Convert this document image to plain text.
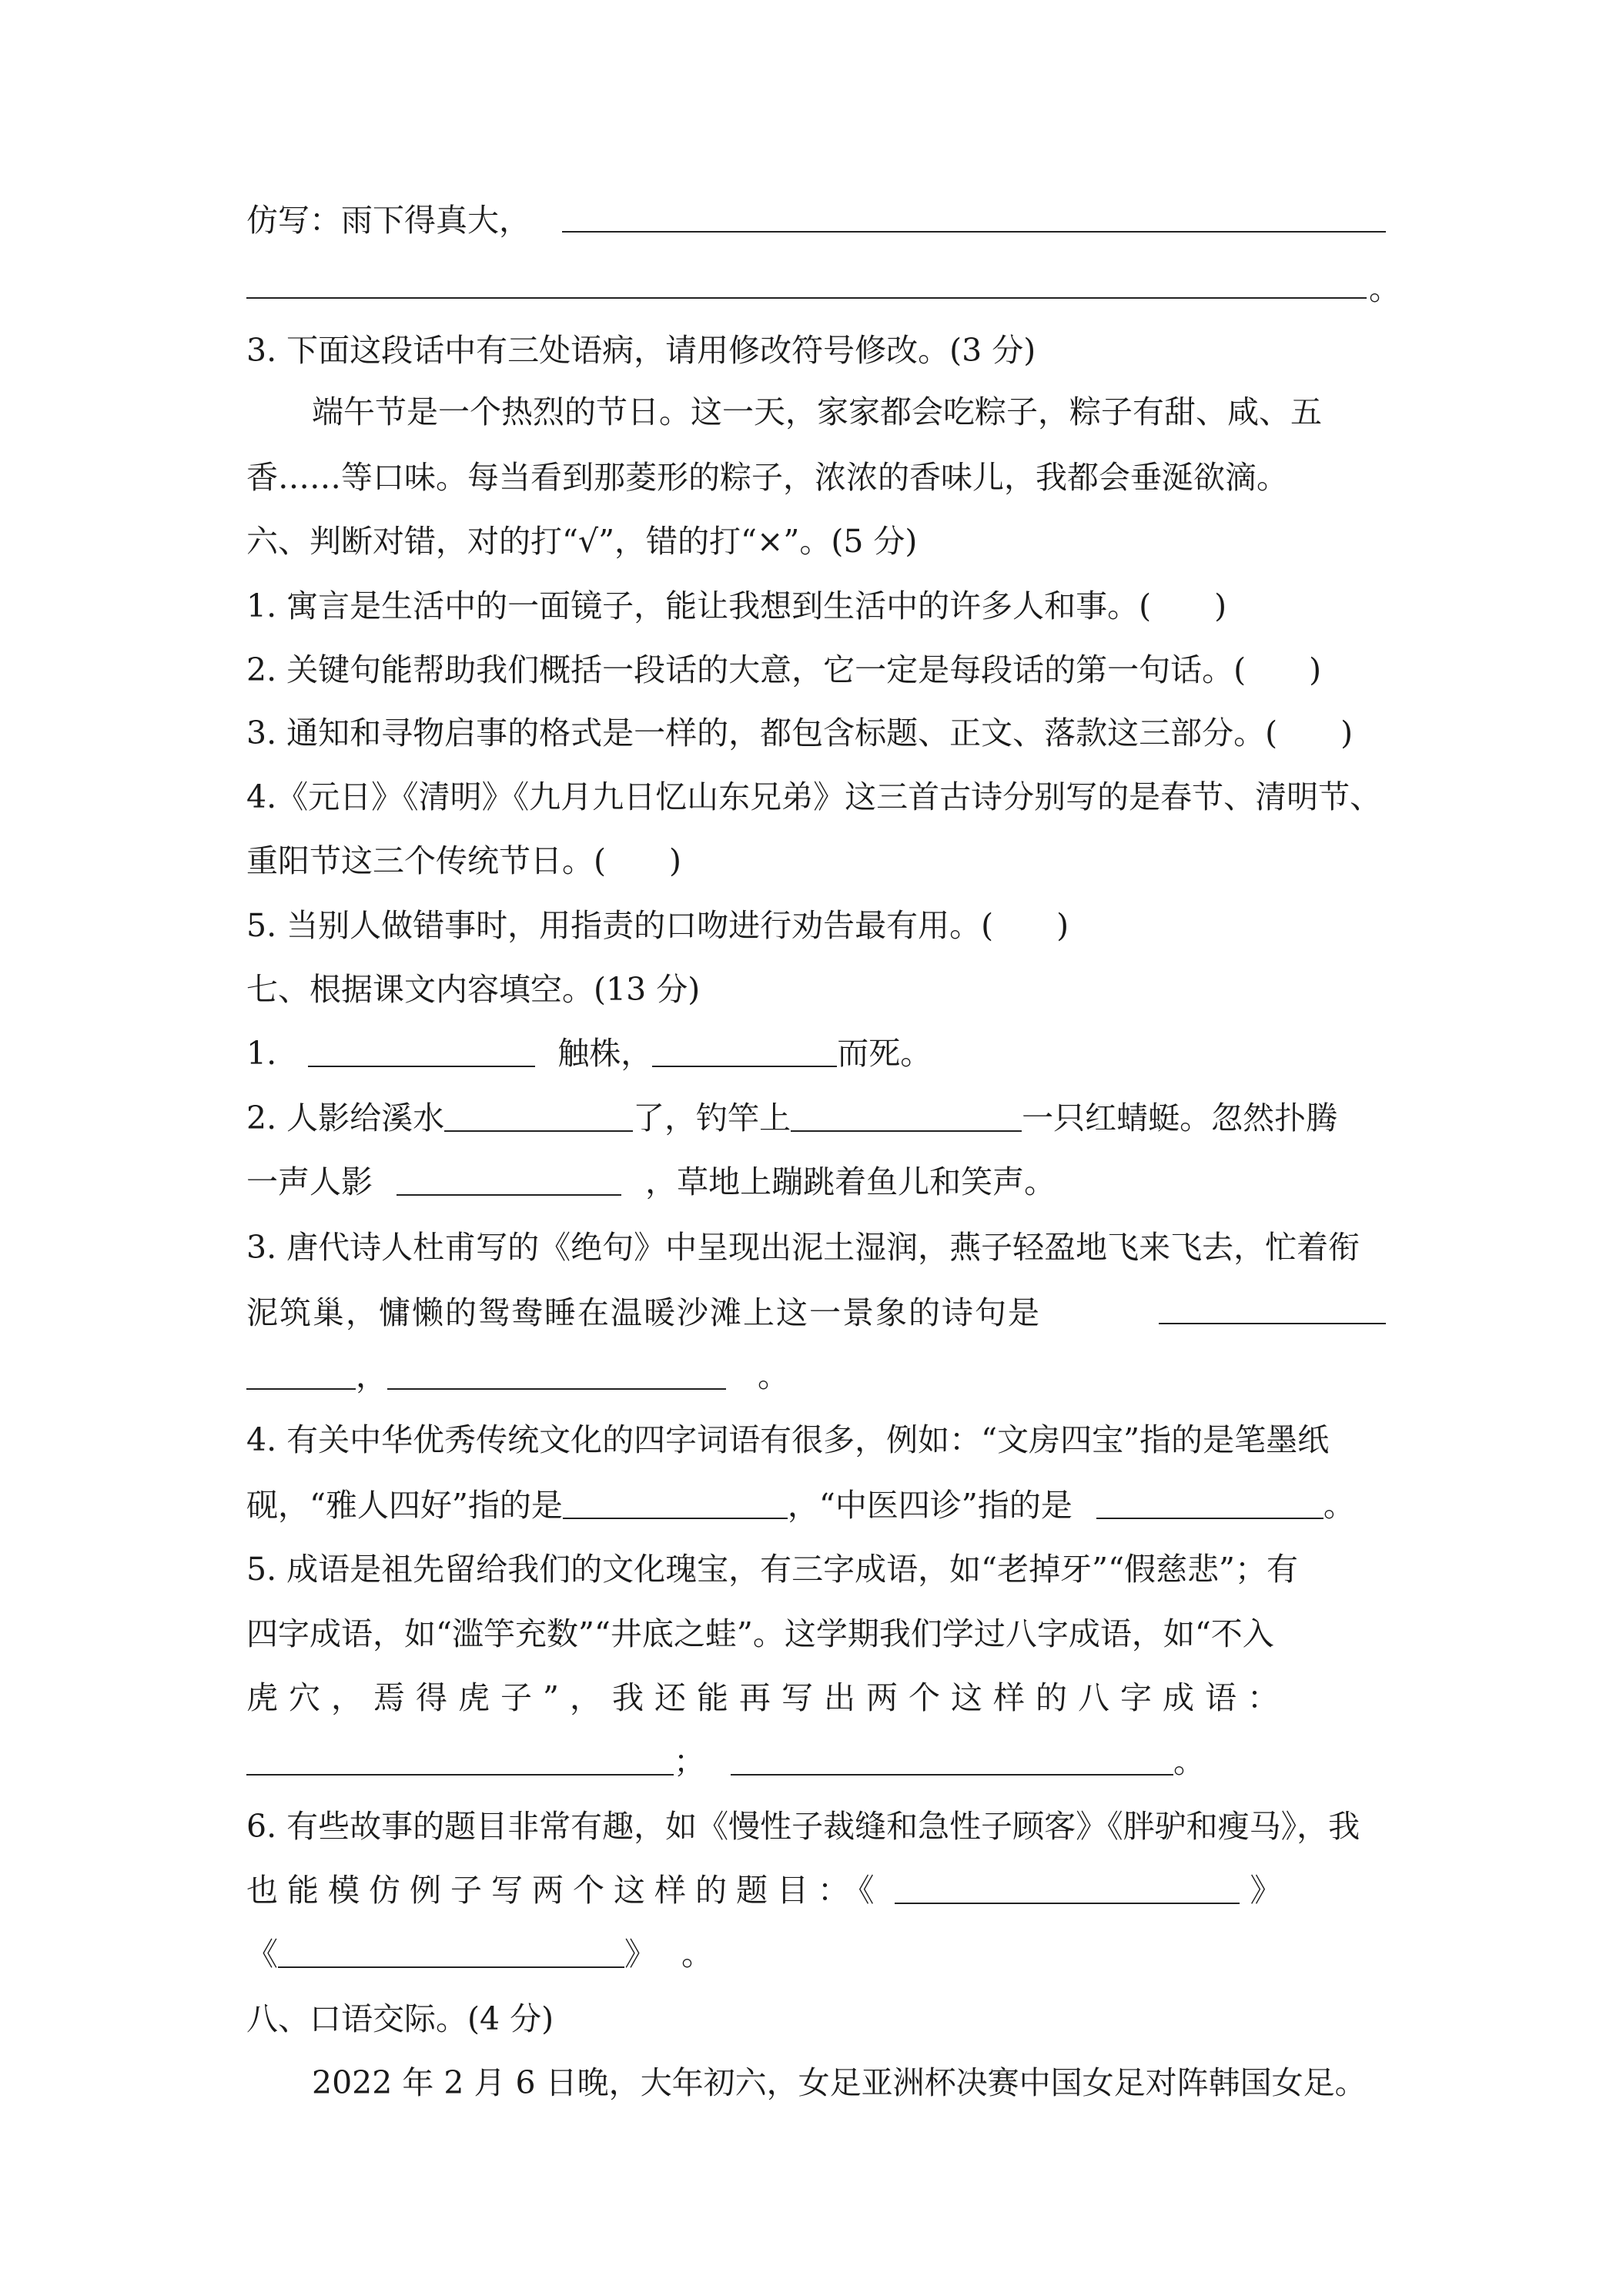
仿写：雨下得真大，
。
3. 下面这段话中有三处语病，请用修改符号修改。(3 分)
端午节是一个热烈的节日。这一天，家家都会吃粽子，粽子有甜、咸、五
香……等口味。每当看到那菱形的粽子，浓浓的香味儿，我都会垂涎欲滴。
六、判断对错，对的打“√”，错的打“×”。(5 分)
1. 寓言是生活中的一面镜子，能让我想到生活中的许多人和事。(　　)
2. 关键句能帮助我们概括一段话的大意，它一定是每段话的第一句话。(　　)
3. 通知和寻物启事的格式是一样的，都包含标题、正文、落款这三部分。(　　)
4.《元日》《清明》《九月九日忆山东兄弟》这三首古诗分别写的是春节、清明节、
重阳节这三个传统节日。(　　)
5. 当别人做错事时，用指责的口吻进行劝告最有用。(　　)
七、根据课文内容填空。(13 分)
1.	触株，	而死。
2. 人影给溪水	了，钓竿上	一只红蜻蜓。忽然扑腾
一声人影	，草地上蹦跳着鱼儿和笑声。
3. 唐代诗人杜甫写的《绝句》中呈现出泥土湿润，燕子轻盈地飞来飞去，忙着衔
泥筑巢，慵懒的鸳鸯睡在温暖沙滩上这一景象的诗句是
，	。
4. 有关中华优秀传统文化的四字词语有很多，例如：“文房四宝”指的是笔墨纸
砚，“雅人四好”指的是	，“中医四诊”指的是	。
5. 成语是祖先留给我们的文化瑰宝，有三字成语，如“老掉牙”“假慈悲”；有
四字成语，如“滥竽充数”“井底之蛙”。这学期我们学过八字成语，如“不入
虎穴，焉得虎子”，我还能再写出两个这样的八字成语：
；	。
6. 有些故事的题目非常有趣，如《慢性子裁缝和急性子顾客》《胖驴和瘦马》，我
也能模仿例子写两个这样的题目：《	》
《	》 。
八、口语交际。(4 分)
2022 年 2 月 6 日晚，大年初六，女足亚洲杯决赛中国女足对阵韩国女足。
